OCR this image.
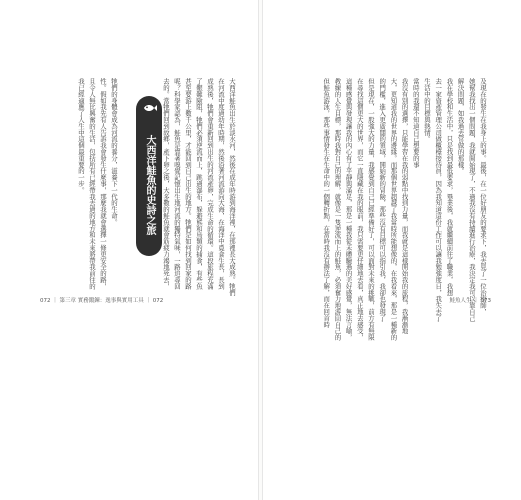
大西洋鮭魚出生於淡水河，然後在成年時游到海洋裡，在那裡長大成熟。牠們
在河流中度過幼年時期，然後沿著河流游向大海，在海洋中覓食生長，長到
成熟後，牠們會重新回到出生的河流產卵，完成生命的循環。這段旅程充滿
了艱難險阻，牠們必須逆流而上，跳過瀑布，躲避熊和鳥類的捕食，有些魚
甚至要游上數千公里，才能回到自己出生的地方。牠們是如何找到回家的路
呢？科學家認為，鮭魚是靠著嗅覺記憶出生地河流的獨特氣味，一路追尋回
去的。當牠們回到故鄉，產下卵之後，大多數的鮭魚就會筋疲力竭地死去，
牠們的身體會成為河流的養分，滋養下一代的生命。
性。假如我先有人告訴我會發生什麼事，那麼我就會選擇一條更安全的路，
且令人無比興奮的生活，包括所有已經帶我去過的地方和未來將帶我前往的
我已經適應了人生中這個最重要的一步。	大西洋鮭魚的史詩之旅
072 ｜ 第三章 實務鍛鍊：逸事與實用工具 ｜ 072	及現在的發生在我身上的事。最後，在一位好朋友的要求下，我去見了一位治療師，
她幫我找出一個問題，我就開始現了，不過我沒有持續進行治療，我決定我可以靠自己
解決問題，如我過去常做的那樣。
我在學校和生活中，只是找到最低要求，畢業後，我就繼續前往了職業，我想
去一家資產管理公司做櫃檯接待員，因為我知道這份工作可以讓我勉強度日，我失去了
生活中的目標與熱情。
當時的我還不知道自己想要的事
我沒有別的選擇，只能學習在我的弱點中找到力量，而我就是這樣開始我的旅程，我漸漸地
大，更知道我的世界的邊緣。而那個世界超越了我當時所能想像的，在我看來，那是一種新的
的門檻，進入更廣闊的領域，開始新的冒險，那些沒有目標可以指引我，我卻也發現了
但是現在，一股強大的力量，我感覺到自己已經準備好了，可以面對未來的挑戰，前方有無限
在尋找這個更大的世界，而它一直隱藏在我的眼前，我只需要更仔細地去看，真正地去感受，
這種感覺與發現讓我的內心有了平靜與滿足，那是一種我從未體驗過的美好感覺，無法言喻，
教練的人生目標，那時我對自己的理解，就像是一隻逆流而上的鮭魚，必須奮力地游回自己的
但鮭魚游泳，那些事情發生在生命中的一個轉折點，在當時我沒有辦法了解，而在回首時	鮭魚人生 ｜ 073
